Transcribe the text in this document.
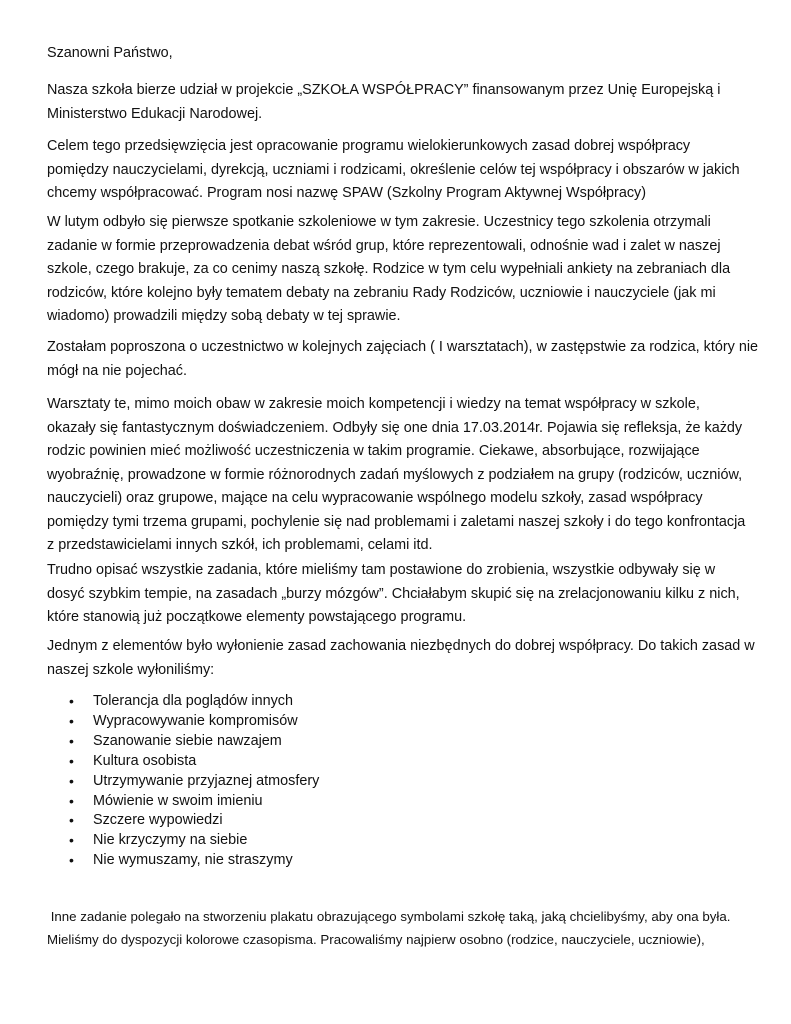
Szanowni Państwo,

Nasza szkoła bierze udział w projekcie „SZKOŁA WSPÓŁPRACY” finansowanym przez Unię Europejską i
Ministerstwo Edukacji Narodowej.

Celem tego przedsięwzięcia jest opracowanie programu wielokierunkowych zasad dobrej współpracy
pomiędzy nauczycielami, dyrekcją, uczniami i rodzicami, określenie celów tej współpracy i obszarów w jakich
chcemy współpracować. Program nosi nazwę SPAW (Szkolny Program Aktywnej Współpracy)

W lutym odbyło się pierwsze spotkanie szkoleniowe w tym zakresie. Uczestnicy tego szkolenia otrzymali
zadanie w formie przeprowadzenia debat wśród grup, które reprezentowali, odnośnie wad i zalet w naszej
szkole, czego brakuje, za co cenimy naszą szkołę. Rodzice w tym celu wypełniali ankiety na zebraniach dla
rodziców, które kolejno były tematem debaty na zebraniu Rady Rodziców, uczniowie i nauczyciele (jak mi
wiadomo) prowadzili między sobą debaty w tej sprawie.

Zostałam poproszona o uczestnictwo w kolejnych zajęciach ( I warsztatach), w zastępstwie za rodzica, który nie
mógł na nie pojechać.

Warsztaty te, mimo moich obaw w zakresie moich kompetencji i wiedzy na temat współpracy w szkole,
okazały się fantastycznym doświadczeniem. Odbyły się one dnia 17.03.2014r. Pojawia się refleksja, że każdy
rodzic powinien mieć możliwość uczestniczenia w takim programie. Ciekawe, absorbujące, rozwijające
wyobraźnię, prowadzone w formie różnorodnych zadań myślowych z podziałem na grupy (rodziców, uczniów,
nauczycieli) oraz grupowe, mające na celu wypracowanie wspólnego modelu szkoły, zasad współpracy
pomiędzy tymi trzema grupami, pochylenie się nad problemami i zaletami naszej szkoły i do tego konfrontacja
z przedstawicielami innych szkół, ich problemami, celami itd.

Trudno opisać wszystkie zadania, które mieliśmy tam postawione do zrobienia, wszystkie odbywały się w
dosyć szybkim tempie, na zasadach „burzy mózgów”. Chciałabym skupić się na zrelacjonowaniu kilku z nich,
które stanowią już początkowe elementy powstającego programu.

Jednym z elementów było wyłonienie zasad zachowania niezbędnych do dobrej współpracy. Do takich zasad w
naszej szkole wyłoniliśmy:

• Tolerancja dla poglądów innych
• Wypracowywanie kompromisów
• Szanowanie siebie nawzajem
• Kultura osobista
• Utrzymywanie przyjaznej atmosfery
• Mówienie w swoim imieniu
• Szczere wypowiedzi
• Nie krzyczymy na siebie
• Nie wymuszamy, nie straszymy

Inne zadanie polegało na stworzeniu plakatu obrazującego symbolami szkołę taką, jaką chcielibyśmy, aby ona była.
Mieliśmy do dyspozycji kolorowe czasopisma. Pracowaliśmy najpierw osobno (rodzice, nauczyciele, uczniowie),
